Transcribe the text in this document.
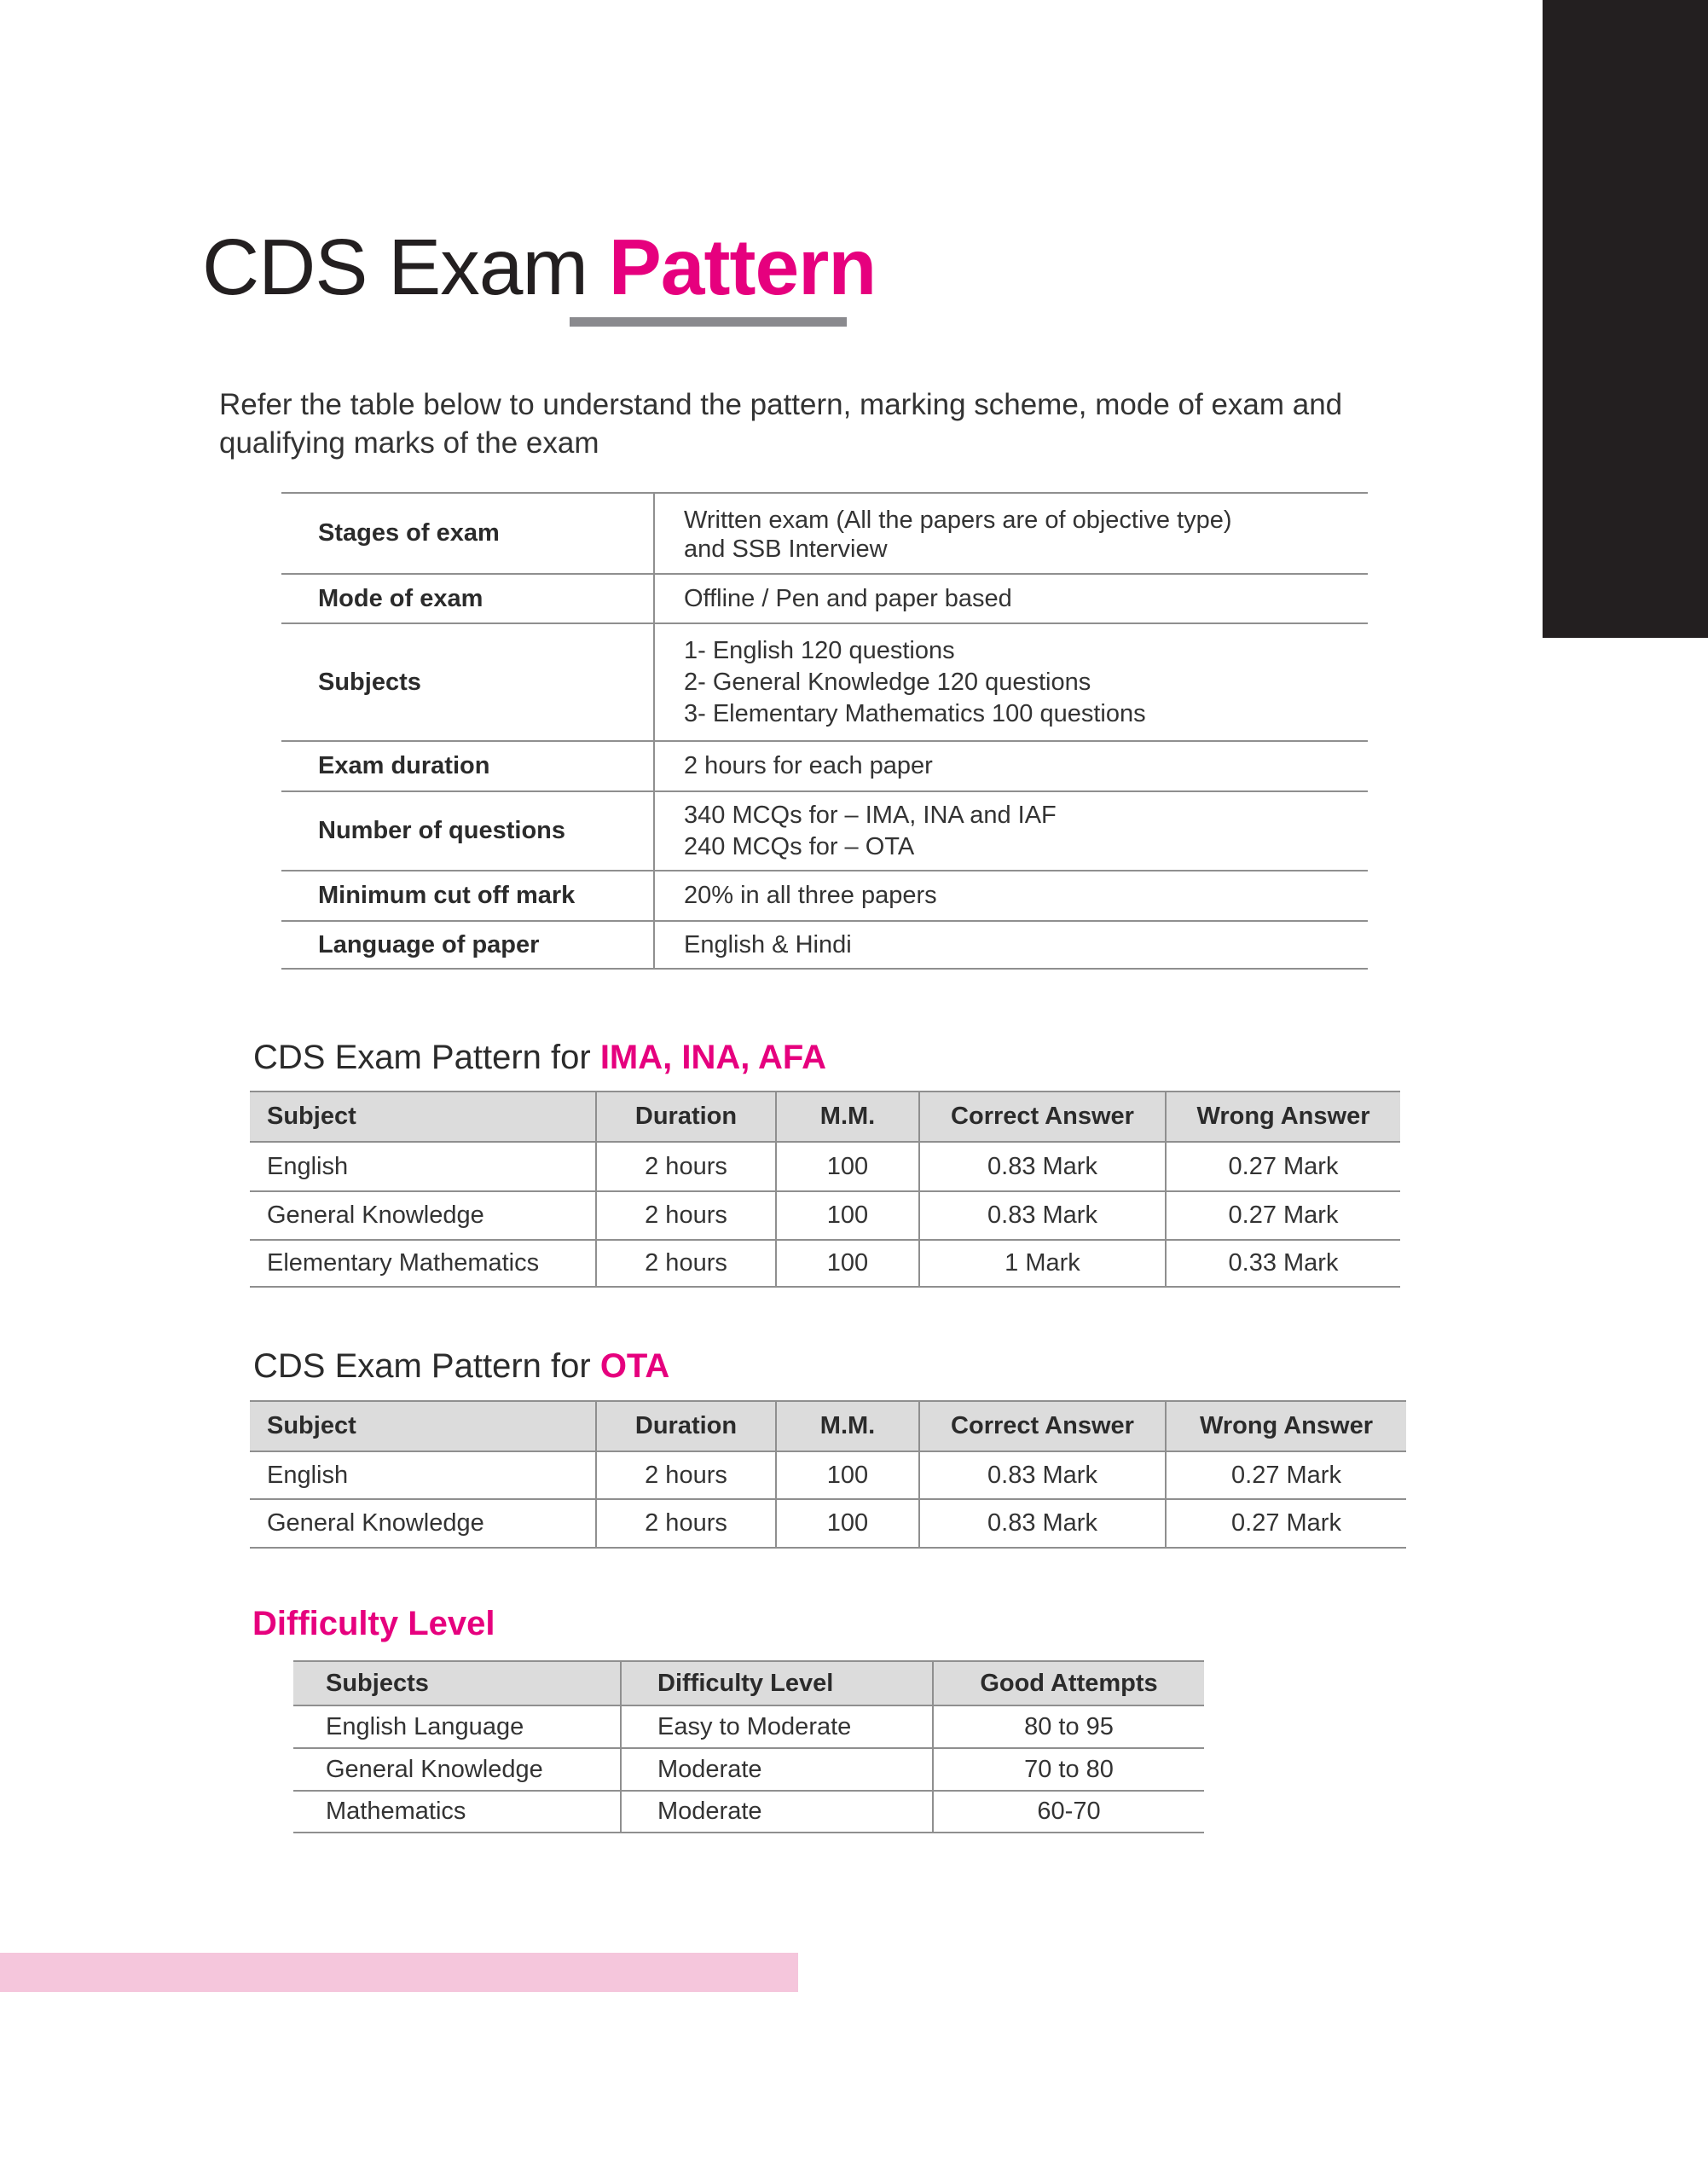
CDS Exam Pattern

Refer the table below to understand the pattern, marking scheme, mode of exam and qualifying marks of the exam

Stages of exam	Written exam (All the papers are of objective type)
and SSB Interview

Mode of exam	Offline / Pen and paper based

Subjects	1- English 120 questions
2- General Knowledge 120 questions
3- Elementary Mathematics 100 questions

Exam duration	2 hours for each paper

Number of questions	340 MCQs for – IMA, INA and IAF
240 MCQs for – OTA

Minimum cut off mark	20% in all three papers

Language of paper	English & Hindi
CDS Exam Pattern for IMA, INA, AFA
Subject	Duration	M.M.	Correct Answer	Wrong Answer
English	2 hours	100	0.83 Mark	0.27 Mark
General Knowledge	2 hours	100	0.83 Mark	0.27 Mark
Elementary Mathematics	2 hours	100	1 Mark	0.33 Mark
CDS Exam Pattern for OTA
Subject	Duration	M.M.	Correct Answer	Wrong Answer
English	2 hours	100	0.83 Mark	0.27 Mark
General Knowledge	2 hours	100	0.83 Mark	0.27 Mark
Difficulty Level
Subjects	Difficulty Level	Good Attempts
English Language	Easy to Moderate	80 to 95
General Knowledge	Moderate	70 to 80
Mathematics	Moderate	60-70
